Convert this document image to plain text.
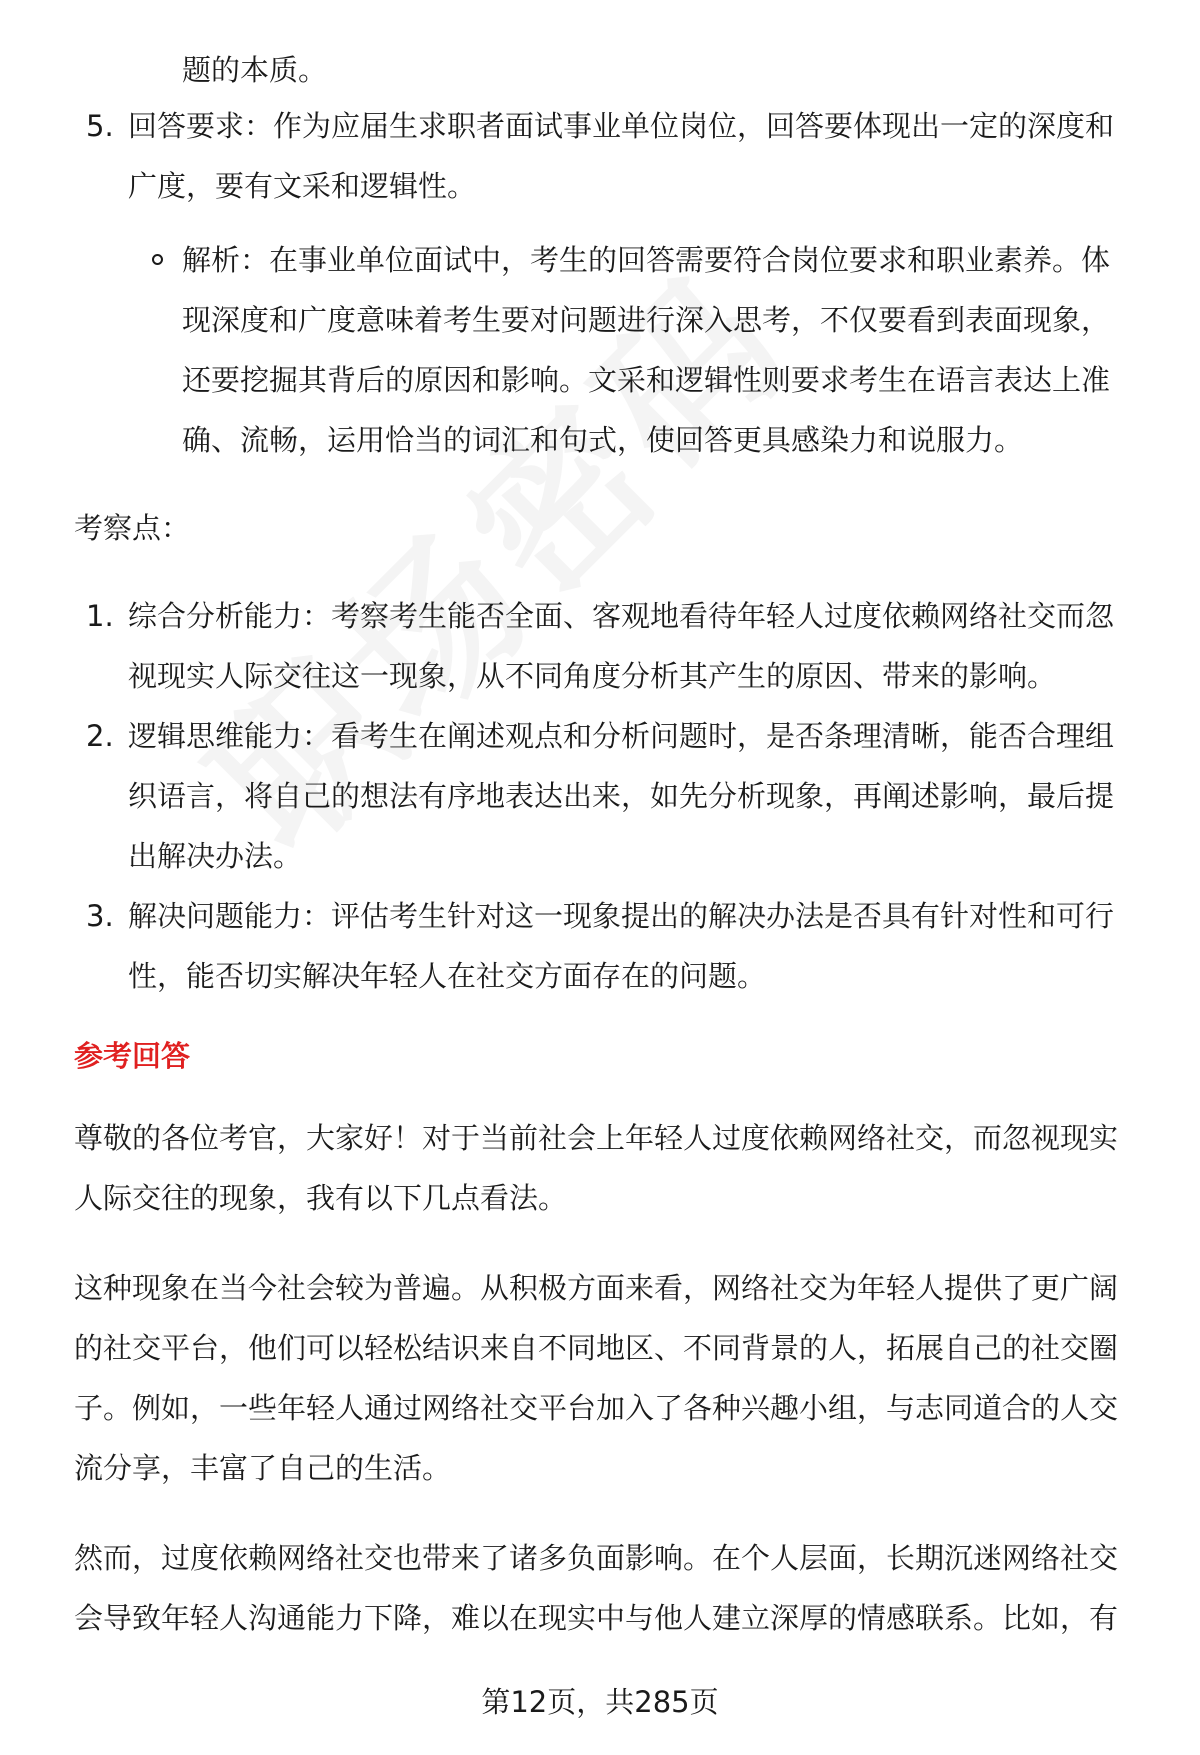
题的本质。
5. 回答要求：作为应届生求职者面试事业单位岗位，回答要体现出一定的深度和
广度，要有文采和逻辑性。
解析：在事业单位面试中，考生的回答需要符合岗位要求和职业素养。体
现深度和广度意味着考生要对问题进行深入思考，不仅要看到表面现象，
还要挖掘其背后的原因和影响。文采和逻辑性则要求考生在语言表达上准
确、流畅，运用恰当的词汇和句式，使回答更具感染力和说服力。
考察点：
1. 综合分析能力：考察考生能否全面、客观地看待年轻人过度依赖网络社交而忽
视现实人际交往这一现象，从不同角度分析其产生的原因、带来的影响。
2. 逻辑思维能力：看考生在阐述观点和分析问题时，是否条理清晰，能否合理组
织语言，将自己的想法有序地表达出来，如先分析现象，再阐述影响，最后提
出解决办法。
3. 解决问题能力：评估考生针对这一现象提出的解决办法是否具有针对性和可行
性，能否切实解决年轻人在社交方面存在的问题。
参考回答
尊敬的各位考官，大家好！对于当前社会上年轻人过度依赖网络社交，而忽视现实
人际交往的现象，我有以下几点看法。
这种现象在当今社会较为普遍。从积极方面来看，网络社交为年轻人提供了更广阔
的社交平台，他们可以轻松结识来自不同地区、不同背景的人，拓展自己的社交圈
子。例如，一些年轻人通过网络社交平台加入了各种兴趣小组，与志同道合的人交
流分享，丰富了自己的生活。
然而，过度依赖网络社交也带来了诸多负面影响。在个人层面，长期沉迷网络社交
会导致年轻人沟通能力下降，难以在现实中与他人建立深厚的情感联系。比如，有
第12页，共285页
